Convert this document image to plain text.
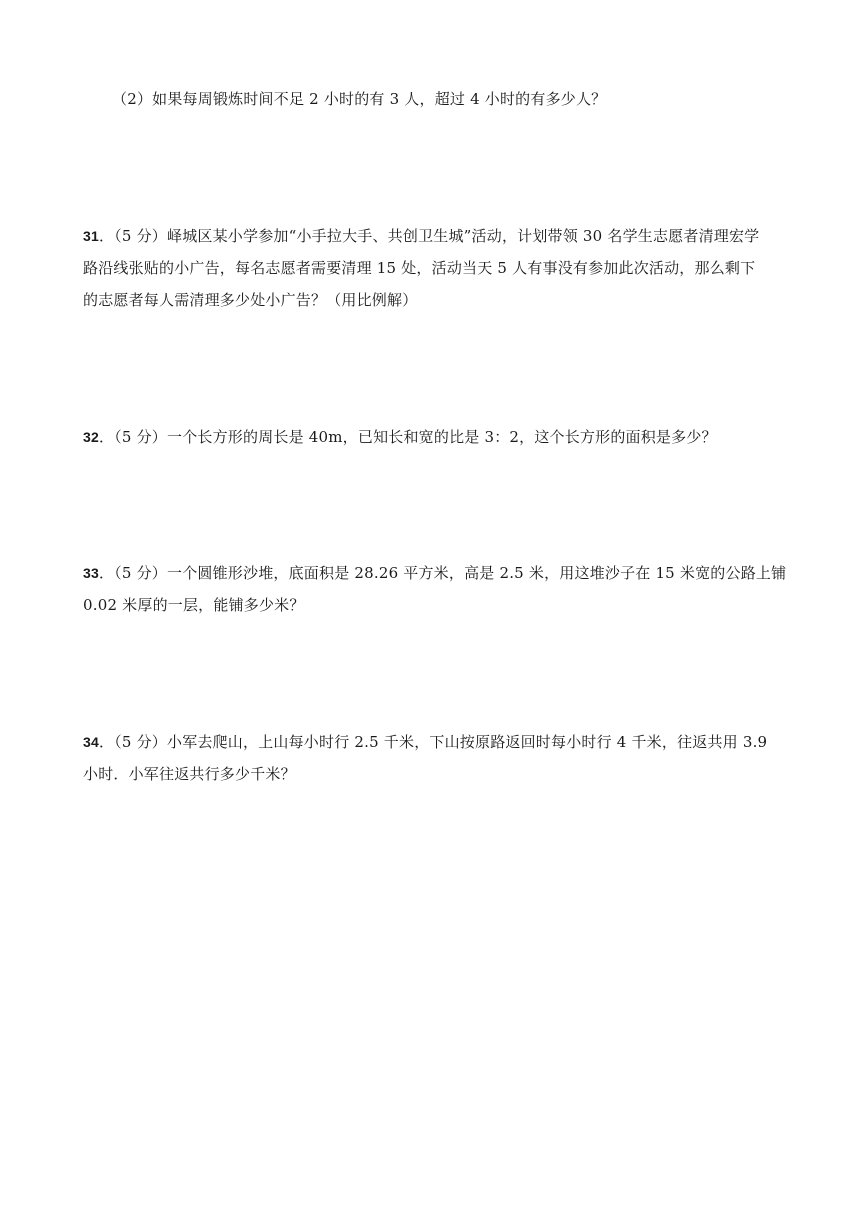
（2）如果每周锻炼时间不足 2 小时的有 3 人，超过 4 小时的有多少人？
31．（5 分）峄城区某小学参加“小手拉大手、共创卫生城”活动，计划带领 30 名学生志愿者清理宏学
路沿线张贴的小广告，每名志愿者需要清理 15 处，活动当天 5 人有事没有参加此次活动，那么剩下
的志愿者每人需清理多少处小广告？（用比例解）
32．（5 分）一个长方形的周长是 40m，已知长和宽的比是 3：2，这个长方形的面积是多少？
33．（5 分）一个圆锥形沙堆，底面积是 28.26 平方米，高是 2.5 米，用这堆沙子在 15 米宽的公路上铺
0.02 米厚的一层，能铺多少米？
34．（5 分）小军去爬山，上山每小时行 2.5 千米，下山按原路返回时每小时行 4 千米，往返共用 3.9
小时．小军往返共行多少千米？
